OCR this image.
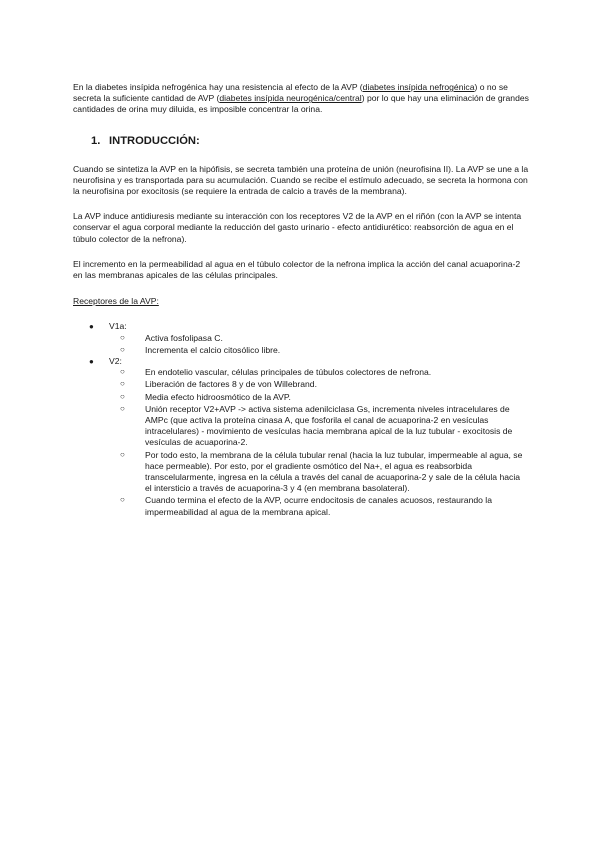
En la diabetes insípida nefrogénica hay una resistencia al efecto de la AVP (diabetes insípida nefrogénica) o no se secreta la suficiente cantidad de AVP (diabetes insípida neurogénica/central) por lo que hay una eliminación de grandes cantidades de orina muy diluida, es imposible concentrar la orina.

1. INTRODUCCIÓN:

Cuando se sintetiza la AVP en la hipófisis, se secreta también una proteína de unión (neurofisina II). La AVP se une a la neurofisina y es transportada para su acumulación. Cuando se recibe el estímulo adecuado, se secreta la hormona con la neurofisina por exocitosis (se requiere la entrada de calcio a través de la membrana).

La AVP induce antidiuresis mediante su interacción con los receptores V2 de la AVP en el riñón (con la AVP se intenta conservar el agua corporal mediante la reducción del gasto urinario - efecto antidiurético: reabsorción de agua en el túbulo colector de la nefrona).

El incremento en la permeabilidad al agua en el túbulo colector de la nefrona implica la acción del canal acuaporina-2 en las membranas apicales de las células principales.

Receptores de la AVP:

● V1a:
○ Activa fosfolipasa C.
○ Incrementa el calcio citosólico libre.
● V2:
○ En endotelio vascular, células principales de túbulos colectores de nefrona.
○ Liberación de factores 8 y de von Willebrand.
○ Media efecto hidroosmótico de la AVP.
○ Unión receptor V2+AVP -> activa sistema adenilciclasa Gs, incrementa niveles intracelulares de AMPc (que activa la proteína cinasa A, que fosforila el canal de acuaporina-2 en vesículas intracelulares) - movimiento de vesículas hacia membrana apical de la luz tubular - exocitosis de vesículas de acuaporina-2.
○ Por todo esto, la membrana de la célula tubular renal (hacia la luz tubular, impermeable al agua, se hace permeable). Por esto, por el gradiente osmótico del Na+, el agua es reabsorbida transcelularmente, ingresa en la célula a través del canal de acuaporina-2 y sale de la célula hacia el intersticio a través de acuaporina-3 y 4 (en membrana basolateral).
○ Cuando termina el efecto de la AVP, ocurre endocitosis de canales acuosos, restaurando la impermeabilidad al agua de la membrana apical.
